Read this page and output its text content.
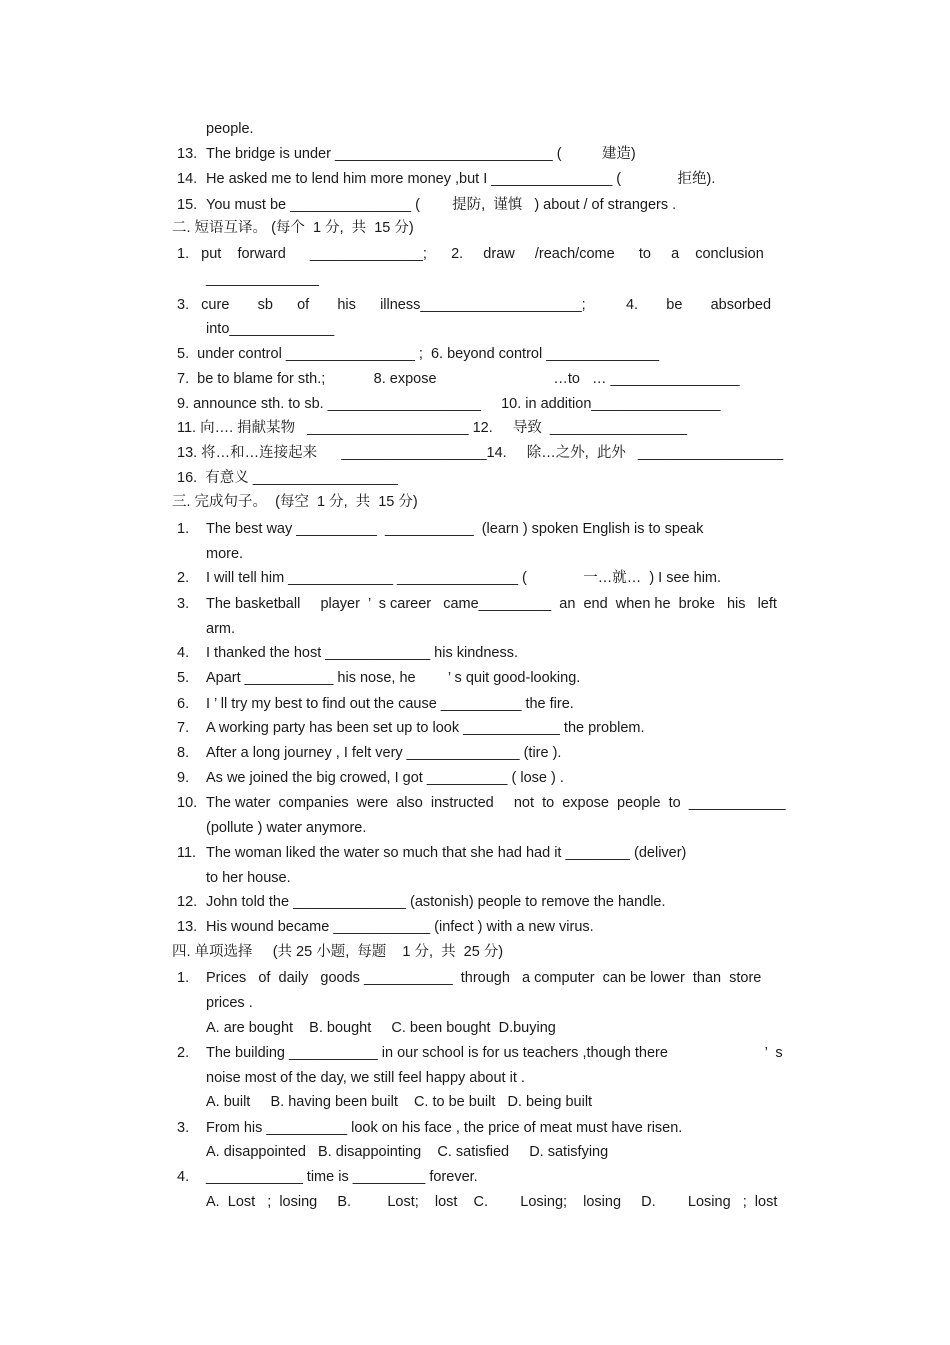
people.
13. The bridge is under ___________________________ (          建造)
14. He asked me to lend him more money ,but I _______________ (              拒绝).
15. You must be _______________ (        提防,  谨慎   ) about / of strangers .
二. 短语互译。 (每个  1 分,  共  15 分)
1.   put    forward      ______________;      2.     draw     /reach/come      to     a    conclusion
______________
3.   cure       sb      of       his      illness____________________;          4.       be       absorbed
into_____________
5.  under control ________________ ;  6. beyond control ______________
7.  be to blame for sth.;            8. expose                             …to   … ________________
9. announce sth. to sb. ___________________     10. in addition________________
11. 向…. 捐献某物   ____________________ 12.     导致  _________________
13. 将…和…连接起来      __________________14.     除…之外,  此外   __________________
16.  有意义 __________________
三. 完成句子。  (每空  1 分,  共  15 分)
1. The best way __________  ___________  (learn ) spoken English is to speak
more.
2. I will tell him _____________ _______________ (              一…就…  ) I see him.
3. The basketball     player  ’  s career   came_________  an  end  when he  broke   his   left
arm.
4. I thanked the host _____________ his kindness.
5. Apart ___________ his nose, he        ’ s quit good-looking.
6. I ’ ll try my best to find out the cause __________ the fire.
7. A working party has been set up to look ____________ the problem.
8. After a long journey , I felt very ______________ (tire ).
9. As we joined the big crowed, I got __________ ( lose ) .
10. The water  companies  were  also  instructed     not  to  expose  people  to  ____________
(pollute ) water anymore.
11. The woman liked the water so much that she had had it ________ (deliver)
to her house.
12. John told the ______________ (astonish) people to remove the handle.
13. His wound became ____________ (infect ) with a new virus.
四. 单项选择     (共 25 小题,  每题    1 分,  共  25 分)
1. Prices   of  daily   goods ___________  through   a computer  can be lower  than  store
prices .
A. are bought    B. bought     C. been bought  D.buying
2. The building ___________ in our school is for us teachers ,though there                        ’  s
noise most of the day, we still feel happy about it .
A. built     B. having been built    C. to be built   D. being built
3. From his __________ look on his face , the price of meat must have risen.
A. disappointed   B. disappointing    C. satisfied     D. satisfying
4. ____________ time is _________ forever.
A.  Lost   ;  losing     B.         Lost;    lost    C.        Losing;    losing     D.        Losing   ;  lost
